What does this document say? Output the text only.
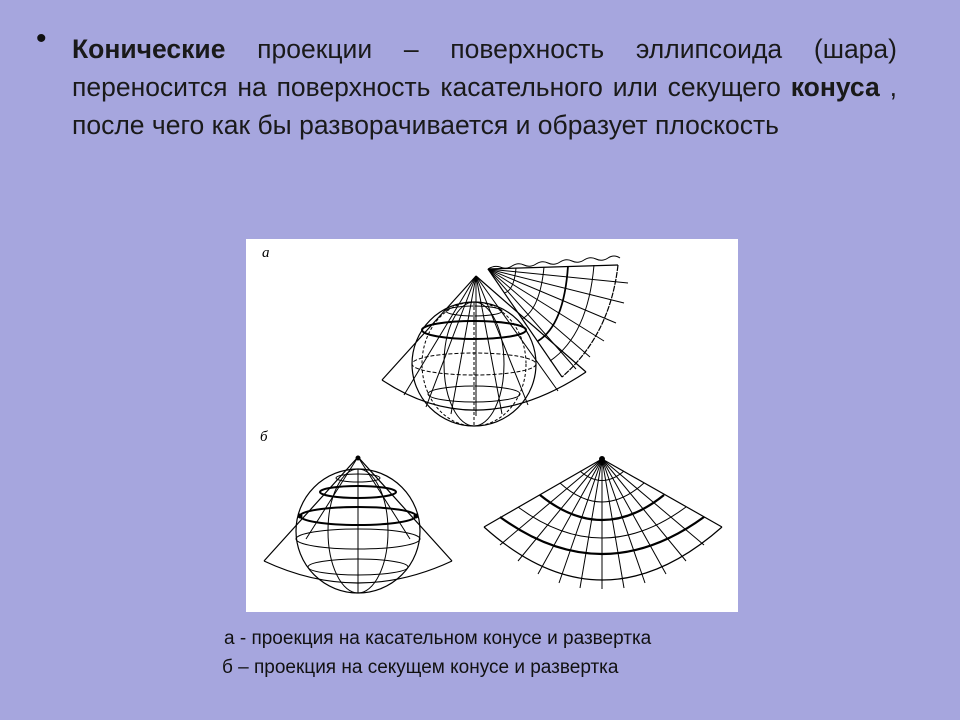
• Конические проекции – поверхность эллипсоида (шара) переносится на поверхность касательного или секущего конуса , после чего как бы разворачивается и образует плоскость
а
б
а - проекция на касательном конусе и развертка
б – проекция на секущем конусе и развертка
